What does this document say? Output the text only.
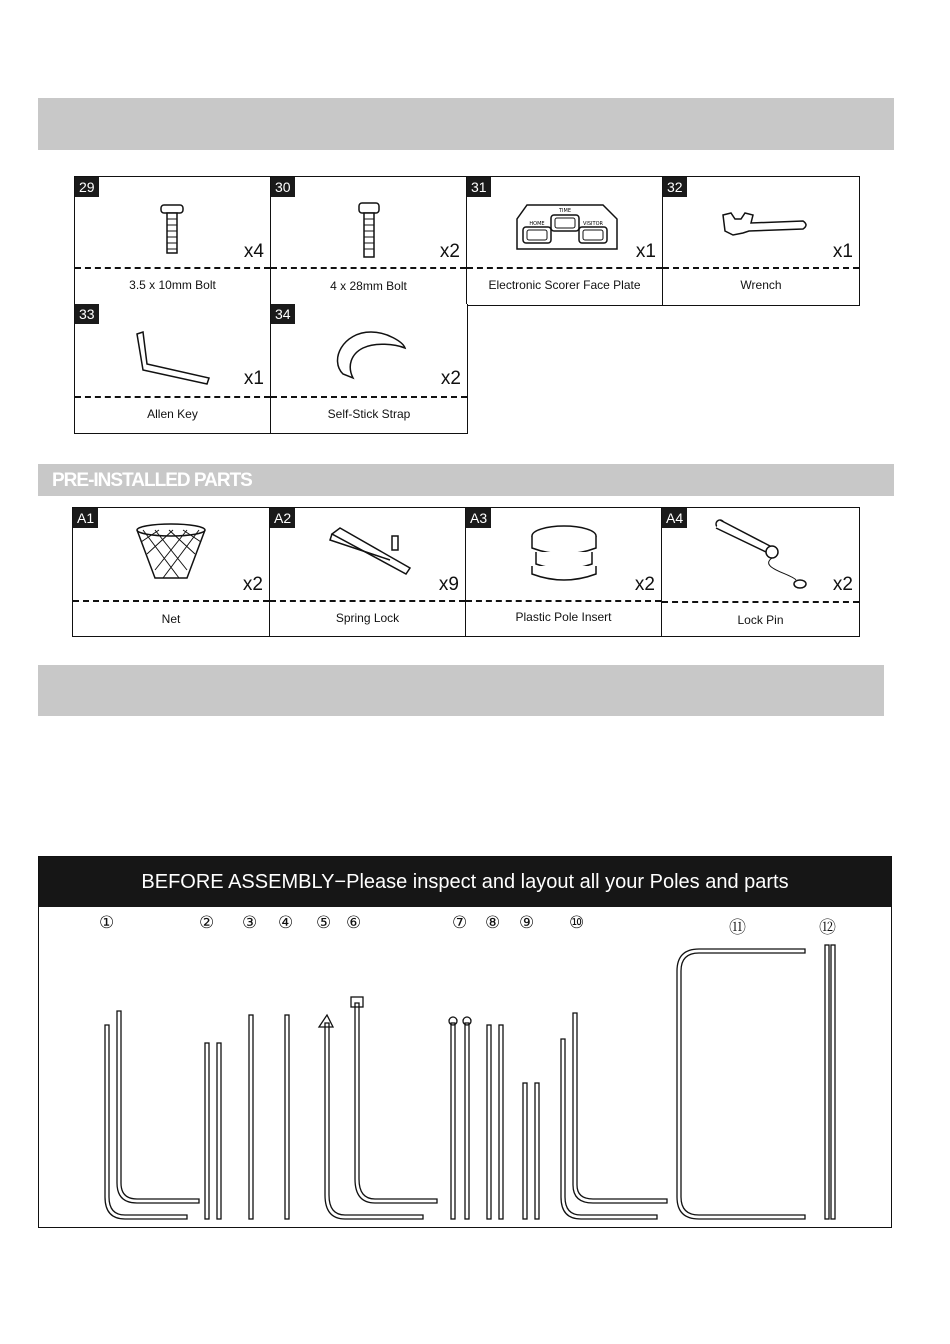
29
x4
3.5 x 10mm Bolt
30
x2
4 x 28mm Bolt
31
TIME
HOME	VISITOR
x1
Electronic Scorer Face Plate
32
x1
Wrench
33
x1
Allen Key
34
x2
Self-Stick Strap
PRE-INSTALLED PARTS
A1
x2
Net
A2
x9
Spring Lock
A3
x2
Plastic Pole Insert
A4
x2
Lock Pin
BEFORE ASSEMBLY−Please inspect and layout all your Poles and parts
①	② ③ ④ ⑤ ⑥	⑦ ⑧ ⑨ ⑩	⑪	⑫
